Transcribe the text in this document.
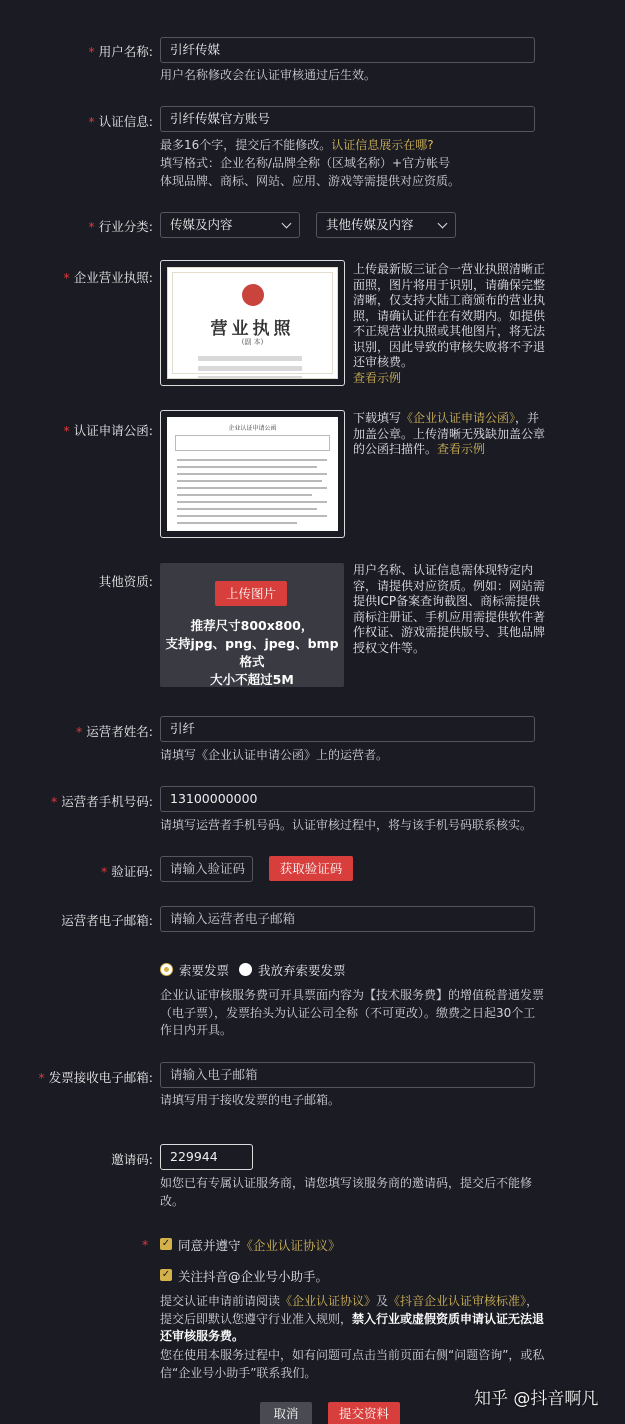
* 用户名称:	引纤传媒
用户名称修改会在认证审核通过后生效。
* 认证信息:	引纤传媒官方账号
最多16个字，提交后不能修改。认证信息展示在哪?
填写格式：企业名称/品牌全称（区域名称）+官方帐号
体现品牌、商标、网站、应用、游戏等需提供对应资质。
* 行业分类:	传媒及内容	其他传媒及内容
* 企业营业执照:
营业执照
(副 本)
上传最新版三证合一营业执照清晰正面照，图片将用于识别，请确保完整清晰，仅支持大陆工商颁布的营业执照，请确认证件在有效期内。如提供不正规营业执照或其他图片，将无法识别，因此导致的审核失败将不予退还审核费。
查看示例
* 认证申请公函:	企业认证申请公函
下载填写《企业认证申请公函》，并加盖公章。上传清晰无残缺加盖公章的公函扫描件。查看示例
其他资质:
上传图片
推荐尺寸800x800，
支持jpg、png、jpeg、bmp格式
大小不超过5M
用户名称、认证信息需体现特定内容，请提供对应资质。例如：网站需提供ICP备案查询截图、商标需提供商标注册证、手机应用需提供软件著作权证、游戏需提供版号、其他品牌授权文件等。
* 运营者姓名:	引纤
请填写《企业认证申请公函》上的运营者。
* 运营者手机号码:	13100000000
请填写运营者手机号码。认证审核过程中，将与该手机号码联系核实。
* 验证码:	请输入验证码	获取验证码
运营者电子邮箱:	请输入运营者电子邮箱
索要发票 我放弃索要发票
企业认证审核服务费可开具票面内容为【技术服务费】的增值税普通发票（电子票），发票抬头为认证公司全称（不可更改）。缴费之日起30个工作日内开具。
* 发票接收电子邮箱:	请输入电子邮箱
请填写用于接收发票的电子邮箱。
邀请码:	229944
如您已有专属认证服务商，请您填写该服务商的邀请码，提交后不能修改。
* ✓ 同意并遵守《企业认证协议》
✓ 关注抖音@企业号小助手。
提交认证申请前请阅读《企业认证协议》及《抖音企业认证审核标准》，提交后即默认您遵守行业准入规则，禁入行业或虚假资质申请认证无法退还审核服务费。
您在使用本服务过程中，如有问题可点击当前页面右侧“问题咨询”，或私信“企业号小助手”联系我们。
取消	提交资料
知乎 @抖音啊凡
